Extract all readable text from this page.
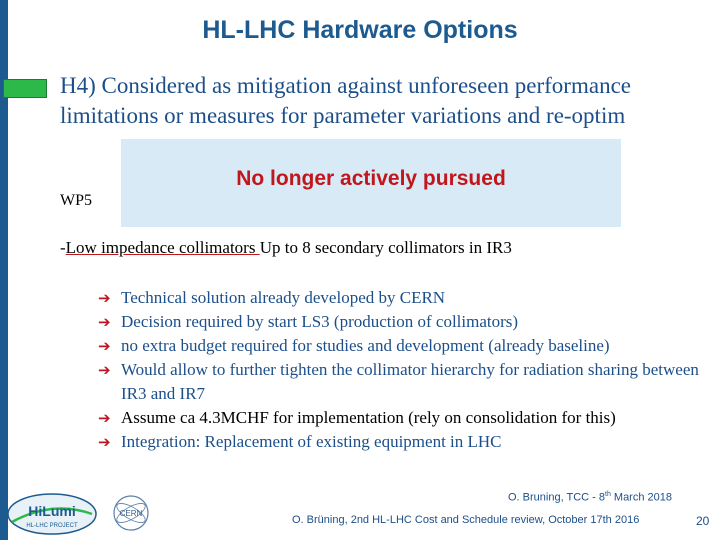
HL-LHC Hardware Options
H4) Considered as mitigation against unforeseen performance limitations or measures for parameter variations and re-optim
WP5
No longer actively pursued
-Low impedance collimators Up to 8 secondary collimators in IR3
➔ Technical solution already developed by CERN
➔ Decision required by start LS3 (production of collimators)
➔ no extra budget required for studies and development (already baseline)
➔ Would allow to further tighten the collimator hierarchy for radiation sharing between IR3 and IR7
➔ Assume ca 4.3MCHF for implementation (rely on consolidation for this)
➔ Integration: Replacement of existing equipment in LHC
O. Bruning, TCC - 8th March 2018
O. Brüning, 2nd HL-LHC Cost and Schedule review, October 17th 2016	20
HiLumi
HL-LHC PROJECT
CERN
